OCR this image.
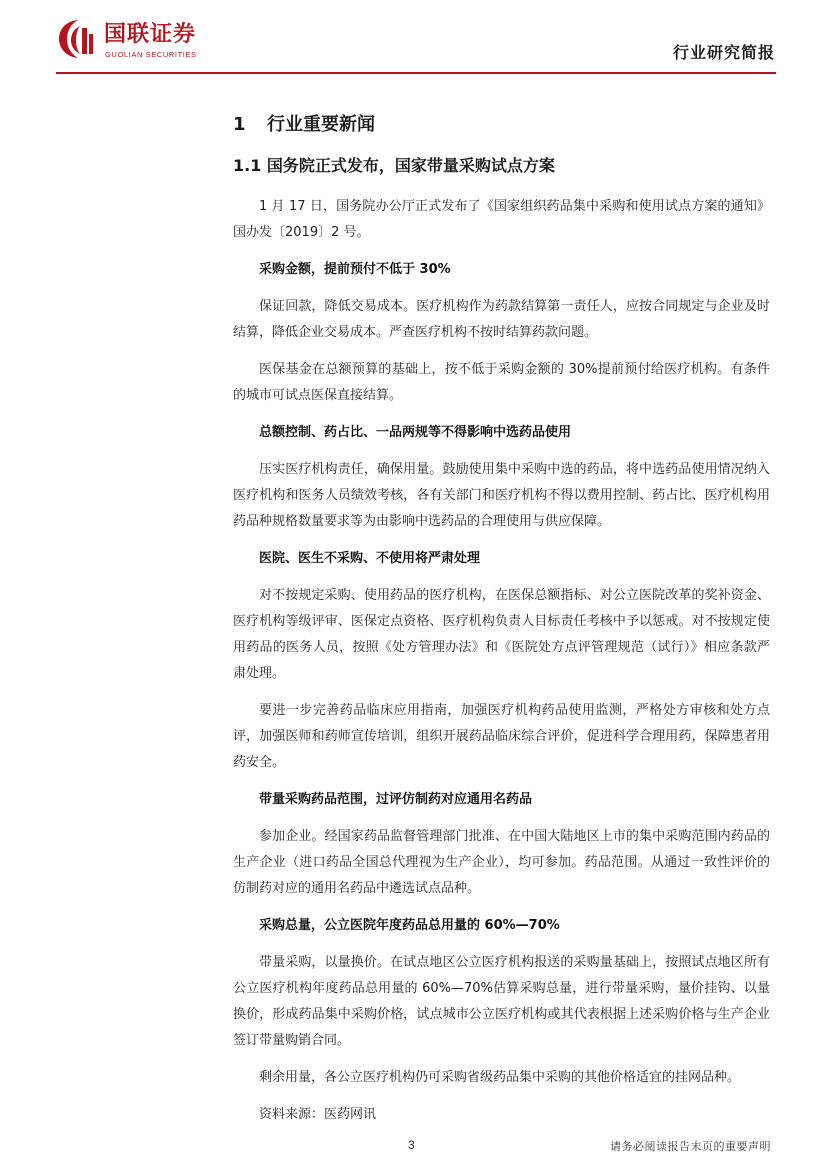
国联证券
GUOLIAN SECURITIES	行业研究简报
1 行业重要新闻
1.1 国务院正式发布，国家带量采购试点方案

1 月 17 日，国务院办公厅正式发布了《国家组织药品集中采购和使用试点方案的通知》国办发〔2019〕2 号。

采购金额，提前预付不低于 30%

保证回款，降低交易成本。医疗机构作为药款结算第一责任人，应按合同规定与企业及时结算，降低企业交易成本。严查医疗机构不按时结算药款问题。

医保基金在总额预算的基础上，按不低于采购金额的 30%提前预付给医疗机构。有条件的城市可试点医保直接结算。

总额控制、药占比、一品两规等不得影响中选药品使用

压实医疗机构责任，确保用量。鼓励使用集中采购中选的药品，将中选药品使用情况纳入医疗机构和医务人员绩效考核，各有关部门和医疗机构不得以费用控制、药占比、医疗机构用药品种规格数量要求等为由影响中选药品的合理使用与供应保障。

医院、医生不采购、不使用将严肃处理

对不按规定采购、使用药品的医疗机构，在医保总额指标、对公立医院改革的奖补资金、医疗机构等级评审、医保定点资格、医疗机构负责人目标责任考核中予以惩戒。对不按规定使用药品的医务人员，按照《处方管理办法》和《医院处方点评管理规范（试行）》相应条款严肃处理。

要进一步完善药品临床应用指南，加强医疗机构药品使用监测，严格处方审核和处方点评，加强医师和药师宣传培训，组织开展药品临床综合评价，促进科学合理用药，保障患者用药安全。

带量采购药品范围，过评仿制药对应通用名药品

参加企业。经国家药品监督管理部门批准、在中国大陆地区上市的集中采购范围内药品的生产企业（进口药品全国总代理视为生产企业），均可参加。药品范围。从通过一致性评价的仿制药对应的通用名药品中遴选试点品种。

采购总量，公立医院年度药品总用量的 60%—70%

带量采购，以量换价。在试点地区公立医疗机构报送的采购量基础上，按照试点地区所有公立医疗机构年度药品总用量的 60%—70%估算采购总量，进行带量采购，量价挂钩、以量换价，形成药品集中采购价格，试点城市公立医疗机构或其代表根据上述采购价格与生产企业签订带量购销合同。

剩余用量，各公立医疗机构仍可采购省级药品集中采购的其他价格适宜的挂网品种。

资料来源：医药网讯

3	请务必阅读报告末页的重要声明
